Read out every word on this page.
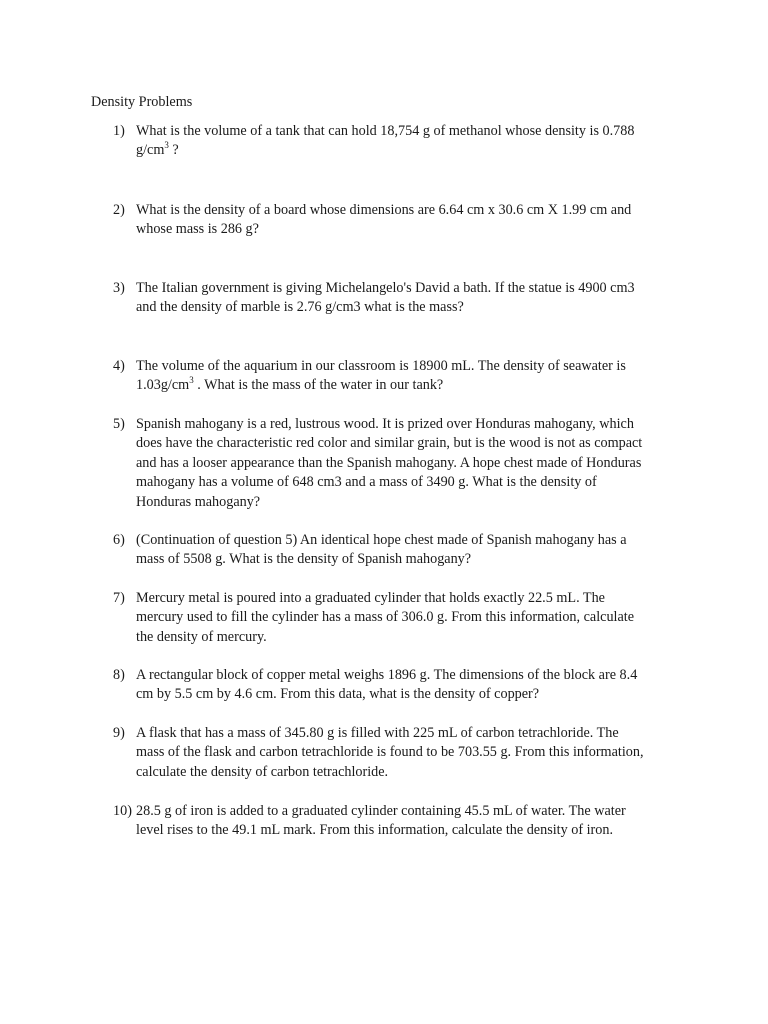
Density Problems
1) What is the volume of a tank that can hold 18,754 g of methanol whose density is 0.788
$g/cm^3$ ?
2) What is the density of a board whose dimensions are 6.64 cm x 30.6 cm X 1.99 cm and
whose mass is 286 g?
3) The Italian government is giving Michelangelo's David a bath. If the statue is 4900 cm3
and the density of marble is 2.76 g/cm3 what is the mass?
4) The volume of the aquarium in our classroom is 18900 mL. The density of seawater is
$1.03g/cm^3$ . What is the mass of the water in our tank?
5) Spanish mahogany is a red, lustrous wood. It is prized over Honduras mahogany, which
does have the characteristic red color and similar grain, but is the wood is not as compact
and has a looser appearance than the Spanish mahogany. A hope chest made of Honduras
mahogany has a volume of 648 cm3 and a mass of 3490 g. What is the density of
Honduras mahogany?
6) (Continuation of question 5) An identical hope chest made of Spanish mahogany has a
mass of 5508 g. What is the density of Spanish mahogany?
7) Mercury metal is poured into a graduated cylinder that holds exactly 22.5 mL. The
mercury used to fill the cylinder has a mass of 306.0 g. From this information, calculate
the density of mercury.
8) A rectangular block of copper metal weighs 1896 g. The dimensions of the block are 8.4
cm by 5.5 cm by 4.6 cm. From this data, what is the density of copper?
9) A flask that has a mass of 345.80 g is filled with 225 mL of carbon tetrachloride. The
mass of the flask and carbon tetrachloride is found to be 703.55 g. From this information,
calculate the density of carbon tetrachloride.
10) 28.5 g of iron is added to a graduated cylinder containing 45.5 mL of water. The water
level rises to the 49.1 mL mark. From this information, calculate the density of iron.
